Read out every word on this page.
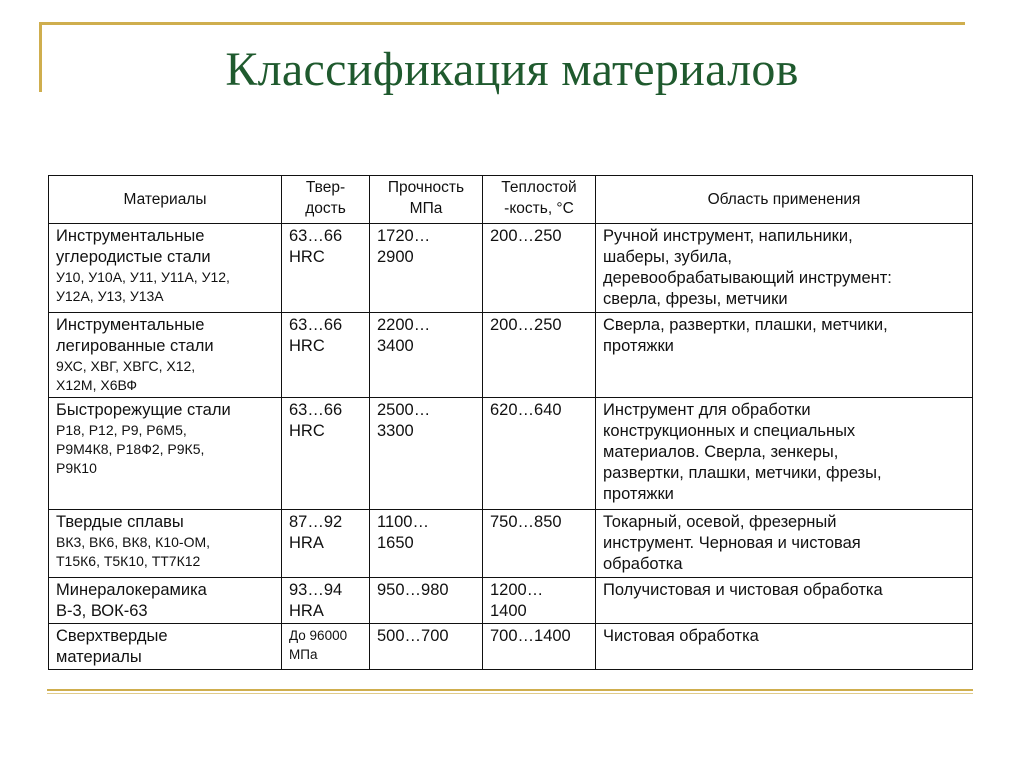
Классификация материалов
Материалы	Твер- дость	Прочность МПа	Теплостой -кость, °С	Область применения

Инструментальные
углеродистые стали
У10, У10А, У11, У11А, У12,
У12А, У13, У13А	63…66
HRC	1720…
2900	200…250	Ручной инструмент, напильники,
шаберы, зубила,
деревообрабатывающий инструмент:
сверла, фрезы, метчики

Инструментальные
легированные стали
9ХС, ХВГ, ХВГС, Х12,
Х12М, Х6ВФ	63…66
HRC	2200…
3400	200…250	Сверла, развертки, плашки, метчики,
протяжки

Быстрорежущие стали
Р18, Р12, Р9, Р6М5,
Р9М4К8, Р18Ф2, Р9К5,
Р9К10	63…66
HRC	2500…
3300	620…640	Инструмент для обработки
конструкционных и специальных
материалов. Сверла, зенкеры,
развертки, плашки, метчики, фрезы,
протяжки

Твердые сплавы
ВК3, ВК6, ВК8, К10-ОМ,
Т15К6, Т5К10, ТТ7К12	87…92
HRA	1100…
1650	750…850	Токарный, осевой, фрезерный
инструмент. Черновая и чистовая
обработка

Минералокерамика
В-3, ВОК-63	93…94
HRA	950…980	1200…
1400	Получистовая и чистовая обработка

Сверхтвердые
материалы	До 96000
МПа	500…700	700…1400	Чистовая обработка
